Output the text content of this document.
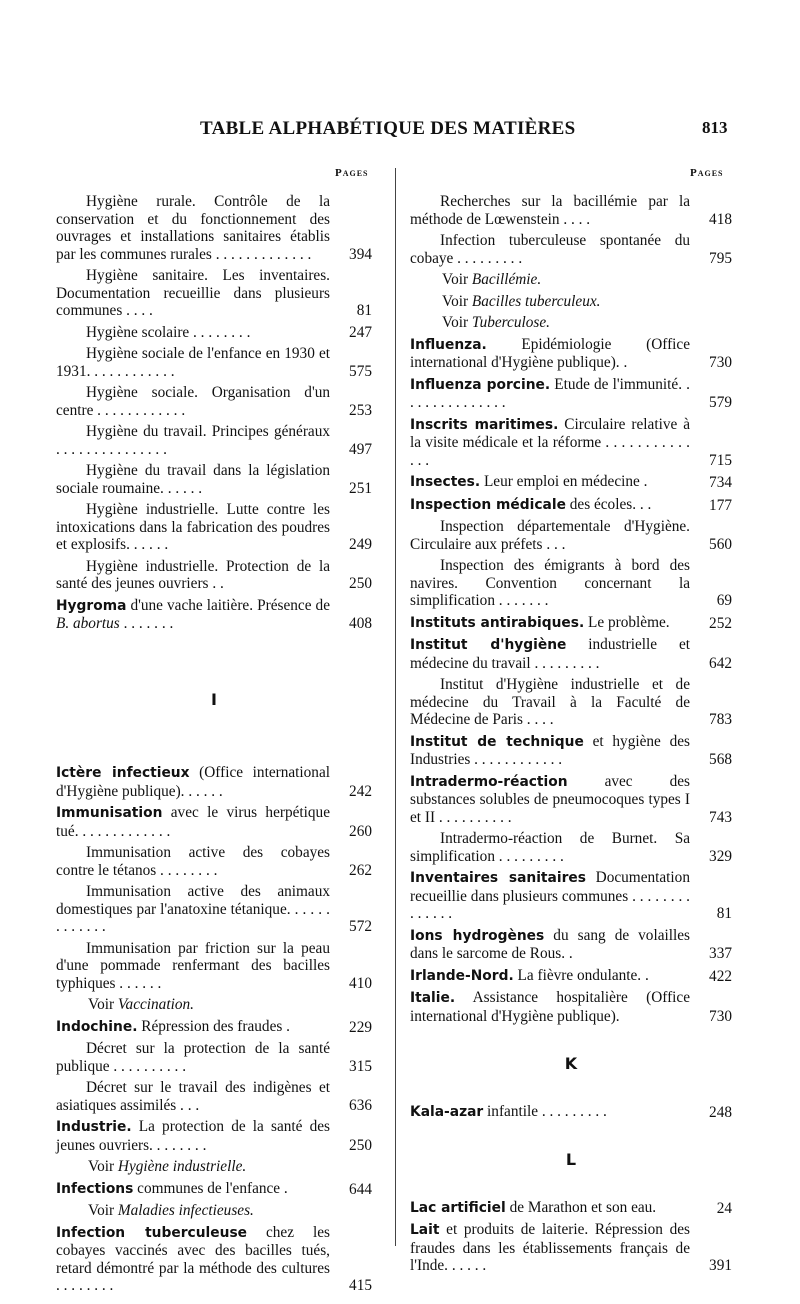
TABLE ALPHABÉTIQUE DES MATIÈRES	813
Pages	Pages
Hygiène rurale. Contrôle de la conservation et du fonctionnement des ouvrages et installations sanitaires établis par les communes rurales . . . . . . . . . . . . .	394
Hygiène sanitaire. Les inventaires. Documentation recueillie dans plusieurs communes . . . .	81
Hygiène scolaire . . . . . . . .	247
Hygiène sociale de l'enfance en 1930 et 1931. . . . . . . . . . . .	575
Hygiène sociale. Organisation d'un centre . . . . . . . . . . . .	253
Hygiène du travail. Principes généraux . . . . . . . . . . . . . . .	497
Hygiène du travail dans la législation sociale roumaine. . . . . .	251
Hygiène industrielle. Lutte contre les intoxications dans la fabrication des poudres et explosifs. . . . . .	249
Hygiène industrielle. Protection de la santé des jeunes ouvriers . .	250
Hygroma d'une vache laitière. Présence de B. abortus . . . . . . .	408
I
Ictère infectieux (Office international d'Hygiène publique). . . . . .	242
Immunisation avec le virus herpétique tué. . . . . . . . . . . . .	260
Immunisation active des cobayes contre le tétanos . . . . . . . .	262
Immunisation active des animaux domestiques par l'anatoxine tétanique. . . . . . . . . . . . .	572
Immunisation par friction sur la peau d'une pommade renfermant des bacilles typhiques . . . . . .	410
Voir Vaccination.
Indochine. Répression des fraudes .	229
Décret sur la protection de la santé publique . . . . . . . . . .	315
Décret sur le travail des indigènes et asiatiques assimilés . . .	636
Industrie. La protection de la santé des jeunes ouvriers. . . . . . . .	250
Voir Hygiène industrielle.
Infections communes de l'enfance .	644
Voir Maladies infectieuses.
Infection tuberculeuse chez les cobayes vaccinés avec des bacilles tués, retard démontré par la méthode des cultures . . . . . . . .	415
Recherches sur la bacillémie par la méthode de Lœwenstein . . . .	418
Infection tuberculeuse spontanée du cobaye . . . . . . . . .	795
Voir Bacillémie.
Voir Bacilles tuberculeux.
Voir Tuberculose.
Influenza. Epidémiologie (Office international d'Hygiène publique). .	730
Influenza porcine. Etude de l'immunité. . . . . . . . . . . . . . .	579
Inscrits maritimes. Circulaire relative à la visite médicale et la réforme . . . . . . . . . . . . . .	715
Insectes. Leur emploi en médecine .	734
Inspection médicale des écoles. . .	177
Inspection départementale d'Hygiène. Circulaire aux préfets . . .	560
Inspection des émigrants à bord des navires. Convention concernant la simplification . . . . . . .	69
Instituts antirabiques. Le problème.	252
Institut d'hygiène industrielle et médecine du travail . . . . . . . . .	642
Institut d'Hygiène industrielle et de médecine du Travail à la Faculté de Médecine de Paris . . . .	783
Institut de technique et hygiène des Industries . . . . . . . . . . . .	568
Intradermo-réaction avec des substances solubles de pneumocoques types I et II . . . . . . . . . .	743
Intradermo-réaction de Burnet. Sa simplification . . . . . . . . .	329
Inventaires sanitaires Documentation recueillie dans plusieurs communes . . . . . . . . . . . . . .	81
Ions hydrogènes du sang de volailles dans le sarcome de Rous. .	337
Irlande-Nord. La fièvre ondulante. .	422
Italie. Assistance hospitalière (Office international d'Hygiène publique).	730
K
Kala-azar infantile . . . . . . . . .	248
L
Lac artificiel de Marathon et son eau.	24
Lait et produits de laiterie. Répression des fraudes dans les établissements français de l'Inde. . . . . .	391
